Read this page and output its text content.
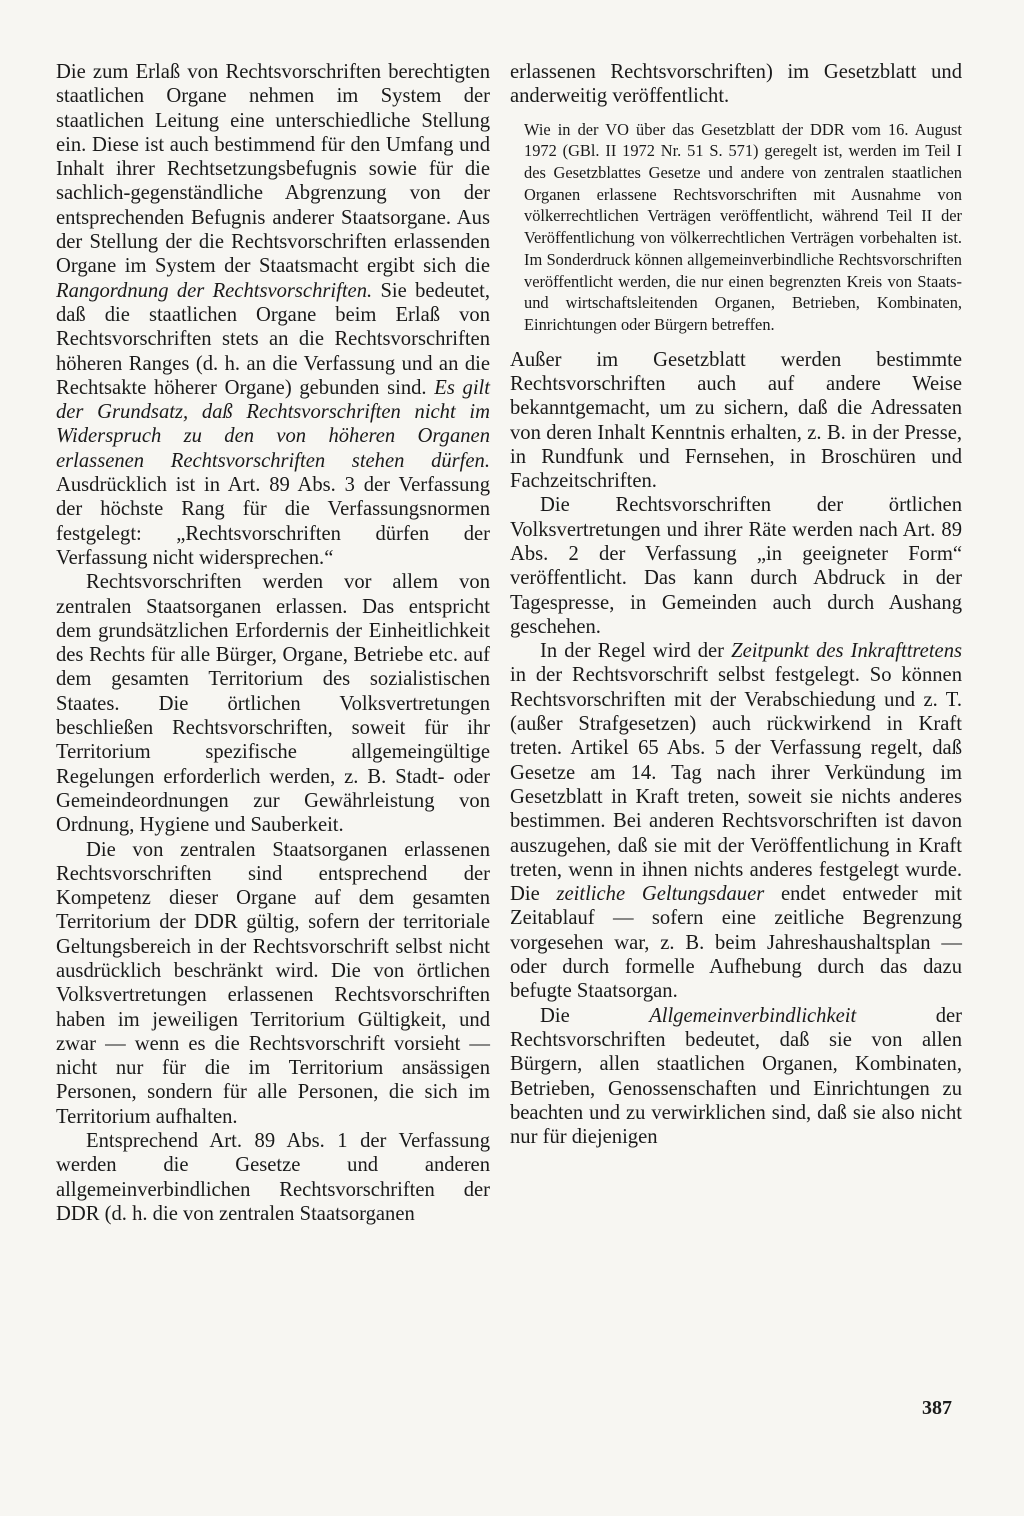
Die zum Erlaß von Rechtsvorschriften berechtigten staatlichen Organe nehmen im System der staatlichen Leitung eine unterschiedliche Stellung ein. Diese ist auch bestimmend für den Umfang und Inhalt ihrer Rechtsetzungsbefugnis sowie für die sachlich-gegenständliche Abgrenzung von der entsprechenden Befugnis anderer Staatsorgane. Aus der Stellung der die Rechtsvorschriften erlassenden Organe im System der Staatsmacht ergibt sich die Rangordnung der Rechtsvorschriften. Sie bedeutet, daß die staatlichen Organe beim Erlaß von Rechtsvorschriften stets an die Rechtsvorschriften höheren Ranges (d. h. an die Verfassung und an die Rechtsakte höherer Organe) gebunden sind. Es gilt der Grundsatz, daß Rechtsvorschriften nicht im Widerspruch zu den von höheren Organen erlassenen Rechtsvorschriften stehen dürfen. Ausdrücklich ist in Art. 89 Abs. 3 der Verfassung der höchste Rang für die Verfassungsnormen festgelegt: „Rechtsvorschriften dürfen der Verfassung nicht widersprechen.“

Rechtsvorschriften werden vor allem von zentralen Staatsorganen erlassen. Das entspricht dem grundsätzlichen Erfordernis der Einheitlichkeit des Rechts für alle Bürger, Organe, Betriebe etc. auf dem gesamten Territorium des sozialistischen Staates. Die örtlichen Volksvertretungen beschließen Rechtsvorschriften, soweit für ihr Territorium spezifische allgemeingültige Regelungen erforderlich werden, z. B. Stadt- oder Gemeindeordnungen zur Gewährleistung von Ordnung, Hygiene und Sauberkeit.

Die von zentralen Staatsorganen erlassenen Rechtsvorschriften sind entsprechend der Kompetenz dieser Organe auf dem gesamten Territorium der DDR gültig, sofern der territoriale Geltungsbereich in der Rechtsvorschrift selbst nicht ausdrücklich beschränkt wird. Die von örtlichen Volksvertretungen erlassenen Rechtsvorschriften haben im jeweiligen Territorium Gültigkeit, und zwar — wenn es die Rechtsvorschrift vorsieht — nicht nur für die im Territorium ansässigen Personen, sondern für alle Personen, die sich im Territorium aufhalten.

Entsprechend Art. 89 Abs. 1 der Verfassung werden die Gesetze und anderen allgemeinverbindlichen Rechtsvorschriften der DDR (d. h. die von zentralen Staatsorganen

erlassenen Rechtsvorschriften) im Gesetzblatt und anderweitig veröffentlicht.

Wie in der VO über das Gesetzblatt der DDR vom 16. August 1972 (GBl. II 1972 Nr. 51 S. 571) geregelt ist, werden im Teil I des Gesetzblattes Gesetze und andere von zentralen staatlichen Organen erlassene Rechtsvorschriften mit Ausnahme von völkerrechtlichen Verträgen veröffentlicht, während Teil II der Veröffentlichung von völkerrechtlichen Verträgen vorbehalten ist. Im Sonderdruck können allgemeinverbindliche Rechtsvorschriften veröffentlicht werden, die nur einen begrenzten Kreis von Staats- und wirtschaftsleitenden Organen, Betrieben, Kombinaten, Einrichtungen oder Bürgern betreffen.

Außer im Gesetzblatt werden bestimmte Rechtsvorschriften auch auf andere Weise bekanntgemacht, um zu sichern, daß die Adressaten von deren Inhalt Kenntnis erhalten, z. B. in der Presse, in Rundfunk und Fernsehen, in Broschüren und Fachzeitschriften.

Die Rechtsvorschriften der örtlichen Volksvertretungen und ihrer Räte werden nach Art. 89 Abs. 2 der Verfassung „in geeigneter Form“ veröffentlicht. Das kann durch Abdruck in der Tagespresse, in Gemeinden auch durch Aushang geschehen.

In der Regel wird der Zeitpunkt des Inkrafttretens in der Rechtsvorschrift selbst festgelegt. So können Rechtsvorschriften mit der Verabschiedung und z. T. (außer Strafgesetzen) auch rückwirkend in Kraft treten. Artikel 65 Abs. 5 der Verfassung regelt, daß Gesetze am 14. Tag nach ihrer Verkündung im Gesetzblatt in Kraft treten, soweit sie nichts anderes bestimmen. Bei anderen Rechtsvorschriften ist davon auszugehen, daß sie mit der Veröffentlichung in Kraft treten, wenn in ihnen nichts anderes festgelegt wurde. Die zeitliche Geltungsdauer endet entweder mit Zeitablauf — sofern eine zeitliche Begrenzung vorgesehen war, z. B. beim Jahreshaushaltsplan — oder durch formelle Aufhebung durch das dazu befugte Staatsorgan.

Die Allgemeinverbindlichkeit der Rechtsvorschriften bedeutet, daß sie von allen Bürgern, allen staatlichen Organen, Kombinaten, Betrieben, Genossenschaften und Einrichtungen zu beachten und zu verwirklichen sind, daß sie also nicht nur für diejenigen

387
